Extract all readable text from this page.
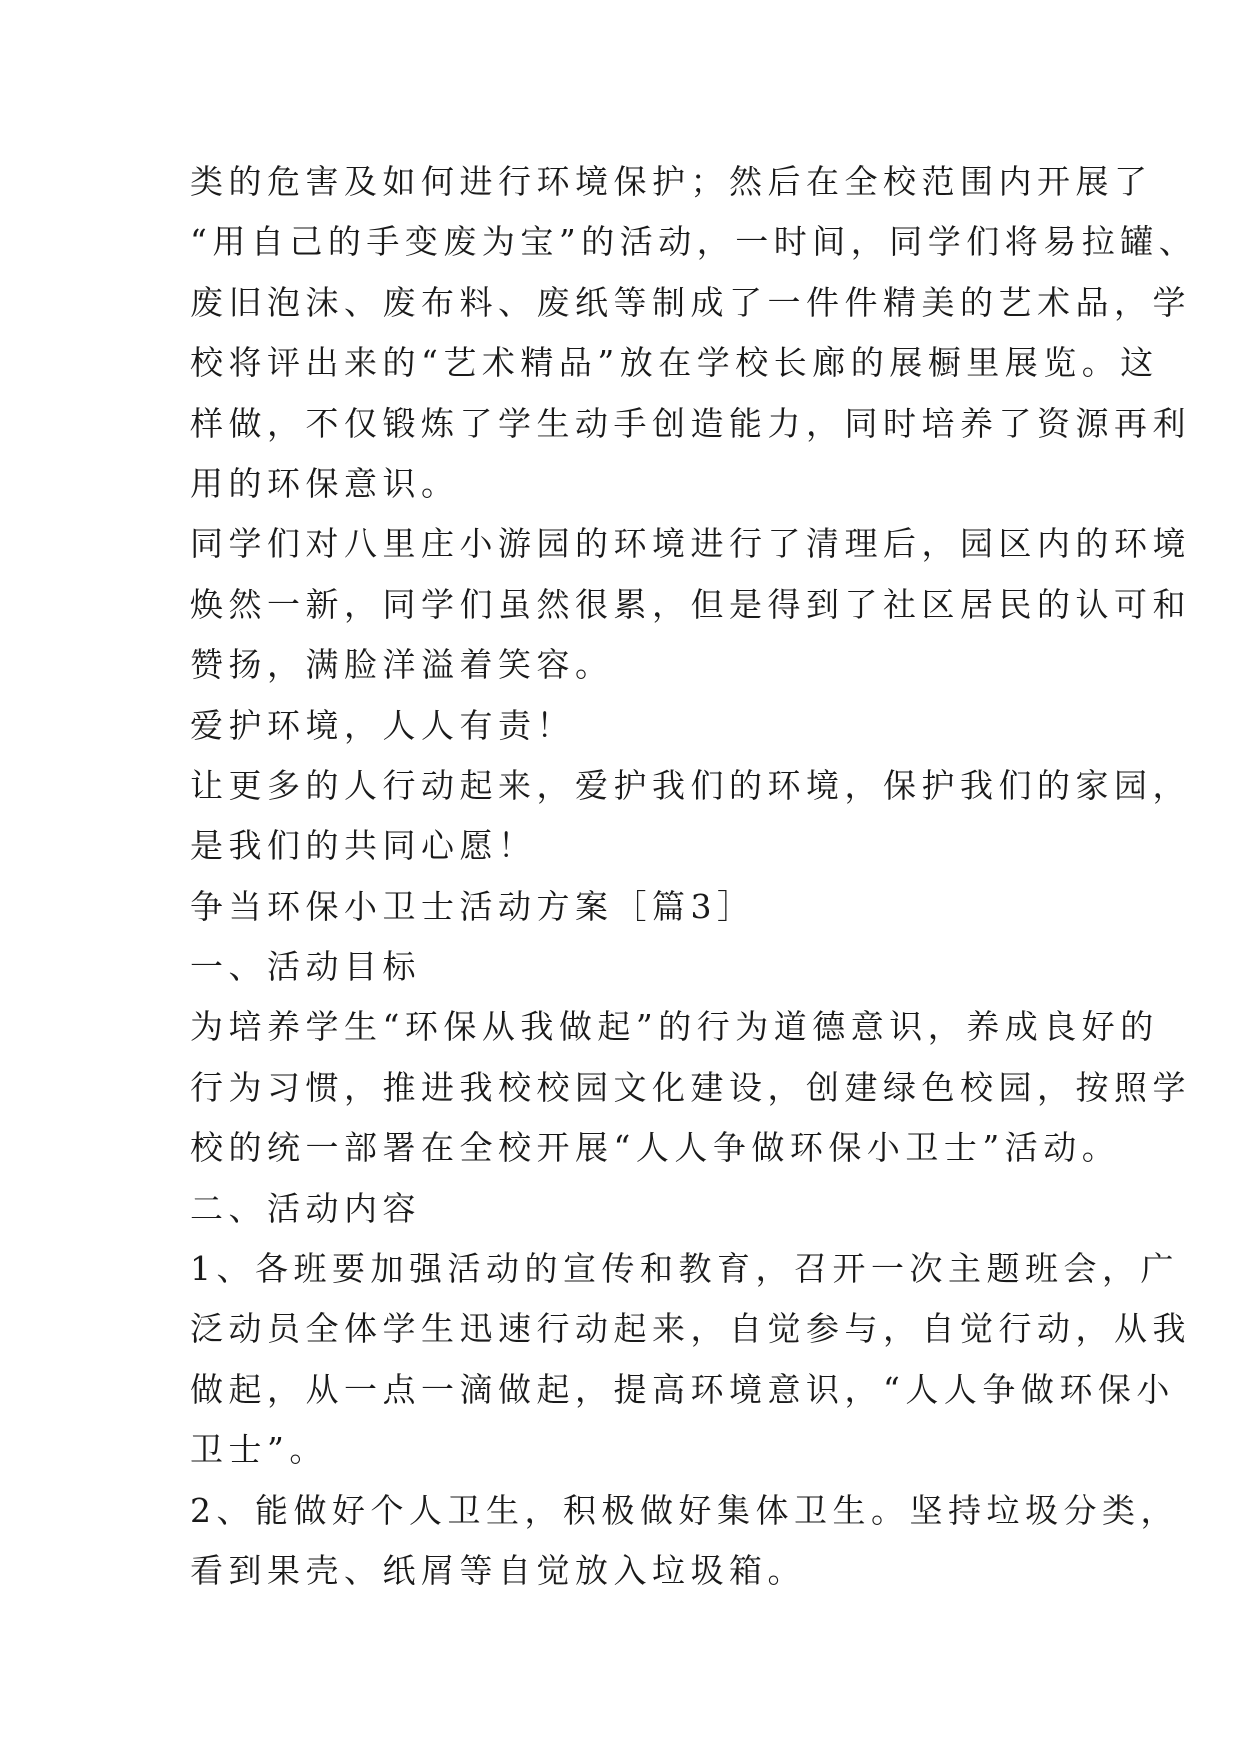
类的危害及如何进行环境保护；然后在全校范围内开展了
“用自己的手变废为宝”的活动，一时间，同学们将易拉罐、
废旧泡沫、废布料、废纸等制成了一件件精美的艺术品，学
校将评出来的“艺术精品”放在学校长廊的展橱里展览。这
样做，不仅锻炼了学生动手创造能力，同时培养了资源再利
用的环保意识。
同学们对八里庄小游园的环境进行了清理后，园区内的环境
焕然一新，同学们虽然很累，但是得到了社区居民的认可和
赞扬，满脸洋溢着笑容。
爱护环境，人人有责！
让更多的人行动起来，爱护我们的环境，保护我们的家园，
是我们的共同心愿！
争当环保小卫士活动方案［篇3］
一、活动目标
为培养学生“环保从我做起”的行为道德意识，养成良好的
行为习惯，推进我校校园文化建设，创建绿色校园，按照学
校的统一部署在全校开展“人人争做环保小卫士”活动。
二、活动内容
1、各班要加强活动的宣传和教育，召开一次主题班会，广
泛动员全体学生迅速行动起来，自觉参与，自觉行动，从我
做起，从一点一滴做起，提高环境意识，“人人争做环保小
卫士”。
2、能做好个人卫生，积极做好集体卫生。坚持垃圾分类，
看到果壳、纸屑等自觉放入垃圾箱。
